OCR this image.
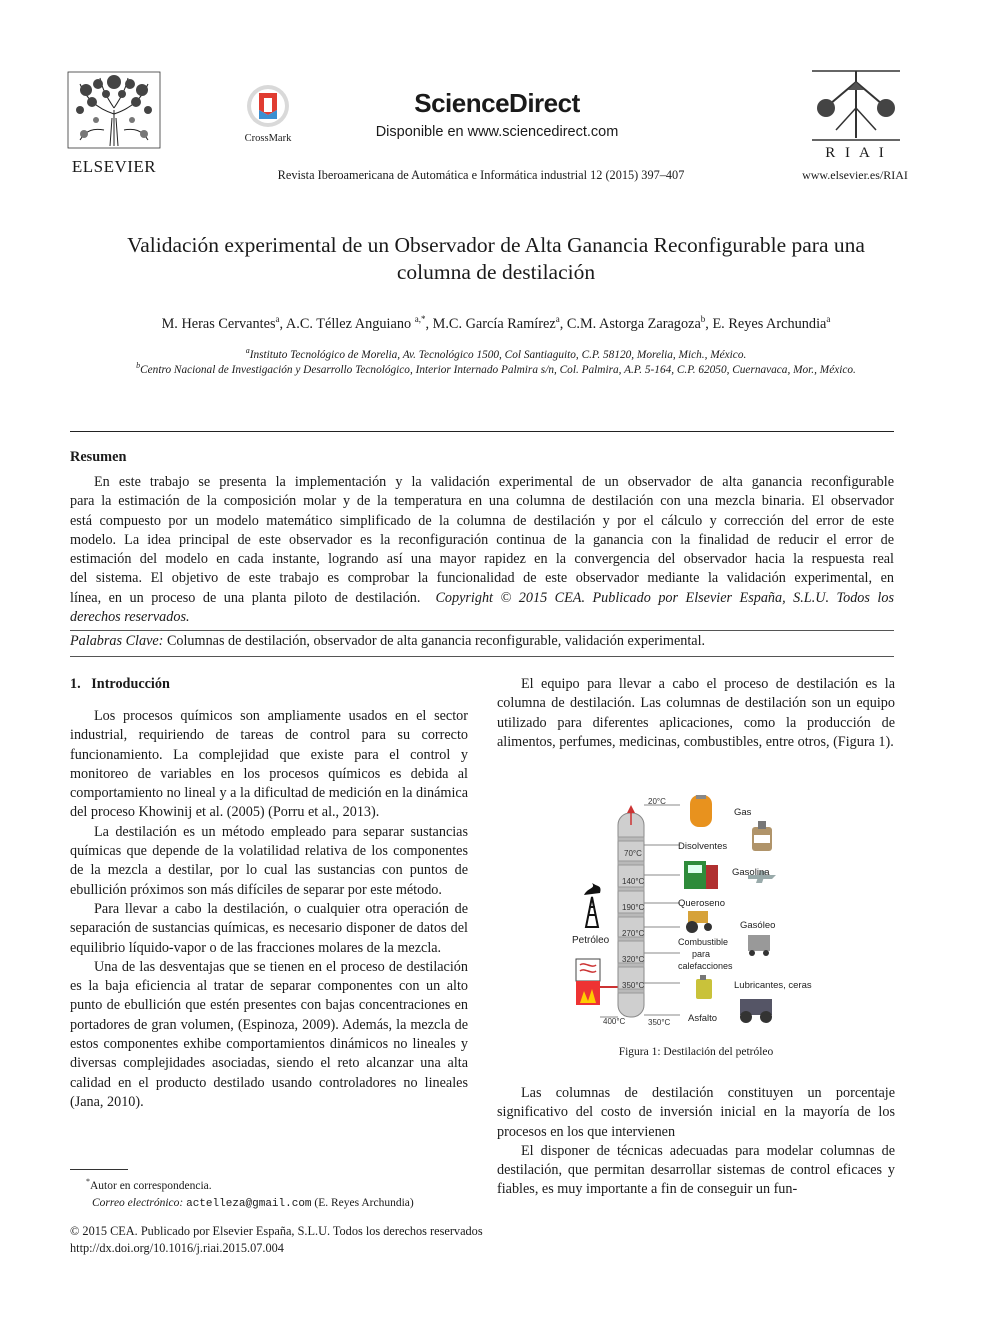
ELSEVIER
CrossMark
ScienceDirect
Disponible en www.sciencedirect.com
Revista Iberoamericana de Automática e Informática industrial 12 (2015) 397–407
R I A I
www.elsevier.es/RIAI
Validación experimental de un Observador de Alta Ganancia Reconfigurable para una
columna de destilación
M. Heras Cervantes$^a$, A.C. Téllez Anguiano $^{a,*}$, M.C. García Ramírez$^a$, C.M. Astorga Zaragoza$^b$, E. Reyes Archundia$^a$
$^a$Instituto Tecnológico de Morelia, Av. Tecnológico 1500, Col Santiaguito, C.P. 58120, Morelia, Mich., México.
$^b$Centro Nacional de Investigación y Desarrollo Tecnológico, Interior Internado Palmira s/n, Col. Palmira, A.P. 5-164, C.P. 62050, Cuernavaca, Mor., México.
Resumen
En este trabajo se presenta la implementación y la validación experimental de un observador de alta ganancia reconfigurable
para la estimación de la composición molar y de la temperatura en una columna de destilación con una mezcla binaria. El observador
está compuesto por un modelo matemático simplificado de la columna de destilación y por el cálculo y corrección del error de este
modelo. La idea principal de este observador es la reconfiguración continua de la ganancia con la finalidad de reducir el error de
estimación del modelo en cada instante, logrando así una mayor rapidez en la convergencia del observador hacia la respuesta real
del sistema. El objetivo de este trabajo es comprobar la funcionalidad de este observador mediante la validación experimental, en
línea, en un proceso de una planta piloto de destilación. Copyright © 2015 CEA. Publicado por Elsevier España, S.L.U. Todos los
derechos reservados.
Palabras Clave: Columnas de destilación, observador de alta ganancia reconfigurable, validación experimental.
1. Introducción

Los procesos químicos son ampliamente usados en el sector industrial, requiriendo de tareas de control para su correcto funcionamiento. La complejidad que existe para el control y monitoreo de variables en los procesos químicos es debida al comportamiento no lineal y a la dificultad de medición en la dinámica del proceso Khowinij et al. (2005) (Porru et al., 2013).

La destilación es un método empleado para separar sustancias químicas que depende de la volatilidad relativa de los componentes de la mezcla a destilar, por lo cual las sustancias con puntos de ebullición próximos son más difíciles de separar por este método.

Para llevar a cabo la destilación, o cualquier otra operación de separación de sustancias químicas, es necesario disponer de datos del equilibrio líquido-vapor o de las fracciones molares de la mezcla.

Una de las desventajas que se tienen en el proceso de destilación es la baja eficiencia al tratar de separar componentes con un alto punto de ebullición que estén presentes con bajas concentraciones en portadores de gran volumen, (Espinoza, 2009). Además, la mezcla de estos componentes exhibe comportamientos dinámicos no lineales y diversas complejidades asociadas, siendo el reto alcanzar una alta calidad en el producto destilado usando controladores no lineales (Jana, 2010).

*Autor en correspondencia.
Correo electrónico: actelleza@gmail.com (E. Reyes Archundia)

El equipo para llevar a cabo el proceso de destilación es la columna de destilación. Las columnas de destilación son un equipo utilizado para diferentes aplicaciones, como la producción de alimentos, perfumes, medicinas, combustibles, entre otros, (Figura 1).

Petróleo
400°C
20°C
70°C
140°C
190°C
270°C
320°C
350°C
350°C
Gas
Disolventes
Gasolina
Queroseno
Gasóleo
Combustible
para
calefacciones
Lubricantes, ceras
Asfalto
Figura 1: Destilación del petróleo

Las columnas de destilación constituyen un porcentaje significativo del costo de inversión inicial en la mayoría de los procesos en los que intervienen

El disponer de técnicas adecuadas para modelar columnas de destilación, que permitan desarrollar sistemas de control eficaces y fiables, es muy importante a fin de conseguir un fun-

© 2015 CEA. Publicado por Elsevier España, S.L.U. Todos los derechos reservados
http://dx.doi.org/10.1016/j.riai.2015.07.004
